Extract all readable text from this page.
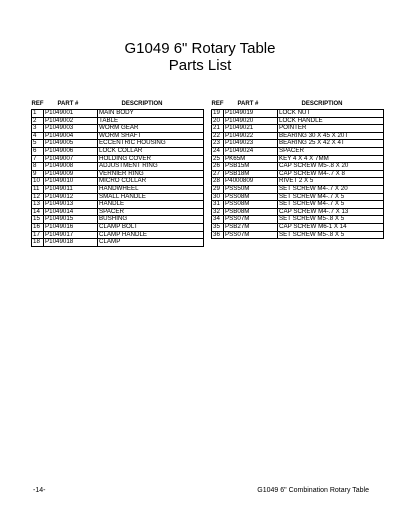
G1049 6" Rotary Table
Parts List
REF	PART #	DESCRIPTION
1	P1049001	MAIN BODY
2	P1049002	TABLE
3	P1049003	WORM GEAR
4	P1049004	WORM SHAFT
5	P1049005	ECCENTRIC HOUSING
6	P1049006	LOCK COLLAR
7	P1049007	HOLDING COVER
8	P1049008	ADJUSTMENT RING
9	P1049009	VERNIER RING
10	P1049010	MICRO COLLAR
11	P1049011	HANDWHEEL
12	P1049012	SMALL HANDLE
13	P1049013	HANDLE
14	P1049014	SPACER
15	P1049015	BUSHING
16	P1049016	CLAMP BOLT
17	P1049017	CLAMP HANDLE
18	P1049018	CLAMP
REF	PART #	DESCRIPTION
19	P1049019	LOCK NUT
20	P1049020	LOCK HANDLE
21	P1049021	POINTER
22	P1049022	BEARING 30 X 45 X 20T
23	P1049023	BEARING 25 X 42 X 4T
24	P1049024	SPACER
25	PK65M	KEY 4 X 4 X 7MM
26	PSB15M	CAP SCREW M5-.8 X 20
27	PSB18M	CAP SCREW M4-.7 X 8
28	P4000809	RIVET 2 X 5
29	PSS50M	SET SCREW M4-.7 X 20
30	PSS08M	SET SCREW M4-.7 X 5
31	PSS08M	SET SCREW M4-.7 X 5
32	PSB08M	CAP SCREW M4-.7 X 13
34	PSS07M	SET SCREW M5-.8 X 5
35	PSB27M	CAP SCREW M6-1 X 14
36	PSS07M	SET SCREW M5-.8 X 5
-14-	G1049 6" Combination Rotary Table
